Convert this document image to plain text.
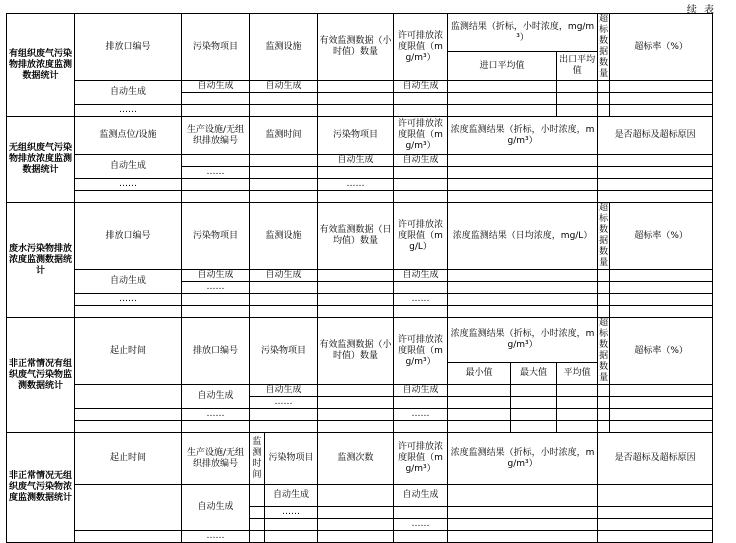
续 表
有组织废气污染物排放浓度监测数据统计	排放口编号	污染物项目	监测设施		有效监测数据（小时值）数量	许可排放浓度限值（mg/m³）	监测结果（折标，小时浓度，mg/m³）			超标数据数量	超标率（%）
							进口平均值		出口平均值		
	自动生成	自动生成	自动生成			自动生成					

	……										
无组织废气污染物排放浓度监测数据统计	监测点位/设施	生产设施/无组织排放编号	监测时间		污染物项目	许可排放浓度限值（mg/m³）	浓度监测结果（折标，小时浓度，mg/m³）			是否超标及超标原因	
	自动生成				自动生成	自动生成					
		……									
	……				……						

废水污染物排放浓度监测数据统计	排放口编号	污染物项目	监测设施		有效监测数据（日均值）数量	许可排放浓度限值（mg/L）	浓度监测结果（日均浓度，mg/L）			超标数据数量	超标率（%）
	自动生成	自动生成	自动生成			自动生成					
		……									
	……					……					

非正常情况有组织废气污染物监测数据统计	起止时间	排放口编号	污染物项目		有效监测数据（小时值）数量	许可排放浓度限值（mg/m³）	浓度监测结果（折标，小时浓度，mg/m³）			超标数据数量	超标率（%）
							最小值	最大值	平均值		
		自动生成	自动生成			自动生成					
			……								
		……				……					

非正常情况无组织废气污染物浓度监测数据统计	起止时间	生产设施/无组织排放编号	监测时间	污染物项目	监测次数	许可排放浓度限值（mg/m³）	浓度监测结果（折标，小时浓度，mg/m³）			是否超标及超标原因	
		自动生成		自动生成		自动生成					
				……							
						……					
		……									
